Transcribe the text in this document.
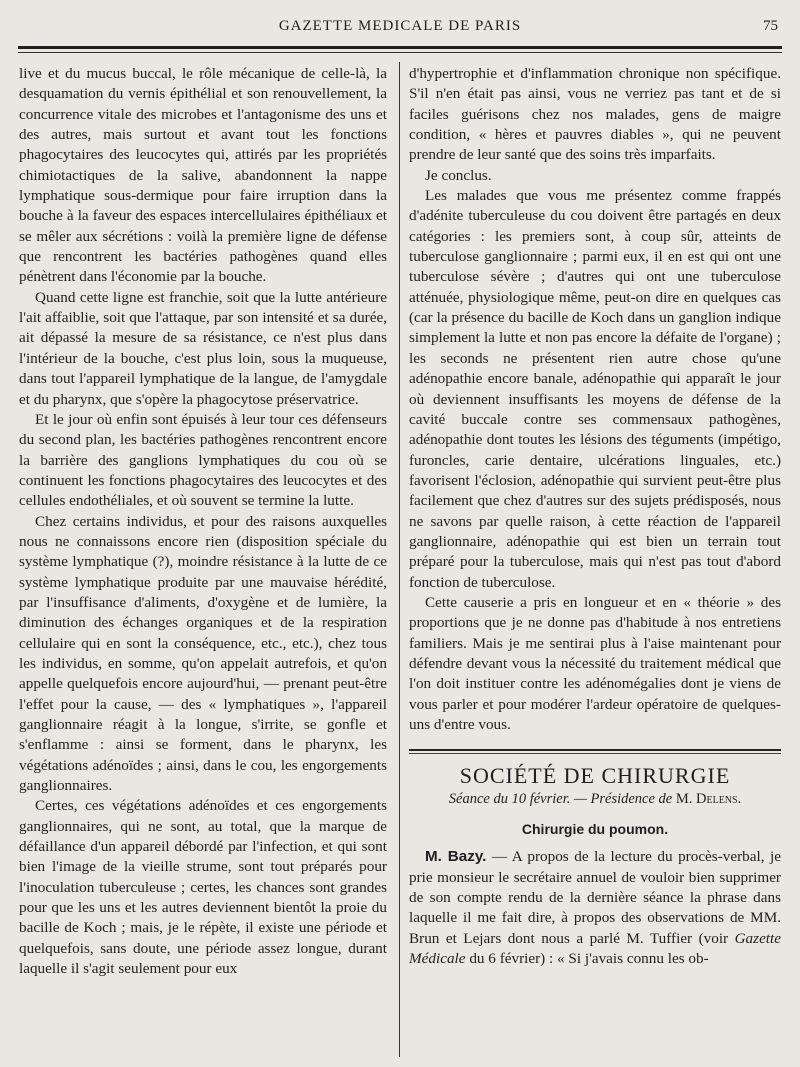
GAZETTE MEDICALE DE PARIS	75

live et du mucus buccal, le rôle mécanique de celle-là, la desquamation du vernis épithélial et son renouvellement, la concurrence vitale des microbes et l'antagonisme des uns et des autres, mais surtout et avant tout les fonctions phagocytaires des leucocytes qui, attirés par les propriétés chimiotactiques de la salive, abandonnent la nappe lymphatique sous-dermique pour faire irruption dans la bouche à la faveur des espaces intercellulaires épithéliaux et se mêler aux sécrétions : voilà la première ligne de défense que rencontrent les bactéries pathogènes quand elles pénètrent dans l'économie par la bouche.

Quand cette ligne est franchie, soit que la lutte antérieure l'ait affaiblie, soit que l'attaque, par son intensité et sa durée, ait dépassé la mesure de sa résistance, ce n'est plus dans l'intérieur de la bouche, c'est plus loin, sous la muqueuse, dans tout l'appareil lymphatique de la langue, de l'amygdale et du pharynx, que s'opère la phagocytose préservatrice.

Et le jour où enfin sont épuisés à leur tour ces défenseurs du second plan, les bactéries pathogènes rencontrent encore la barrière des ganglions lymphatiques du cou où se continuent les fonctions phagocytaires des leucocytes et des cellules endothéliales, et où souvent se termine la lutte.

Chez certains individus, et pour des raisons auxquelles nous ne connaissons encore rien (disposition spéciale du système lymphatique (?), moindre résistance à la lutte de ce système lymphatique produite par une mauvaise hérédité, par l'insuffisance d'aliments, d'oxygène et de lumière, la diminution des échanges organiques et de la respiration cellulaire qui en sont la conséquence, etc., etc.), chez tous les individus, en somme, qu'on appelait autrefois, et qu'on appelle quelquefois encore aujourd'hui, — prenant peut-être l'effet pour la cause, — des « lymphatiques », l'appareil ganglionnaire réagit à la longue, s'irrite, se gonfle et s'enflamme : ainsi se forment, dans le pharynx, les végétations adénoïdes ; ainsi, dans le cou, les engorgements ganglionnaires.

Certes, ces végétations adénoïdes et ces engorgements ganglionnaires, qui ne sont, au total, que la marque de défaillance d'un appareil débordé par l'infection, et qui sont bien l'image de la vieille strume, sont tout préparés pour l'inoculation tuberculeuse ; certes, les chances sont grandes pour que les uns et les autres deviennent bientôt la proie du bacille de Koch ; mais, je le répète, il existe une période et quelquefois, sans doute, une période assez longue, durant laquelle il s'agit seulement pour eux

d'hypertrophie et d'inflammation chronique non spécifique. S'il n'en était pas ainsi, vous ne verriez pas tant et de si faciles guérisons chez nos malades, gens de maigre condition, « hères et pauvres diables », qui ne peuvent prendre de leur santé que des soins très imparfaits.

Je conclus.

Les malades que vous me présentez comme frappés d'adénite tuberculeuse du cou doivent être partagés en deux catégories : les premiers sont, à coup sûr, atteints de tuberculose ganglionnaire ; parmi eux, il en est qui ont une tuberculose sévère ; d'autres qui ont une tuberculose atténuée, physiologique même, peut-on dire en quelques cas (car la présence du bacille de Koch dans un ganglion indique simplement la lutte et non pas encore la défaite de l'organe) ; les seconds ne présentent rien autre chose qu'une adénopathie encore banale, adénopathie qui apparaît le jour où deviennent insuffisants les moyens de défense de la cavité buccale contre ses commensaux pathogènes, adénopathie dont toutes les lésions des téguments (impétigo, furoncles, carie dentaire, ulcérations linguales, etc.) favorisent l'éclosion, adénopathie qui survient peut-être plus facilement que chez d'autres sur des sujets prédisposés, nous ne savons par quelle raison, à cette réaction de l'appareil ganglionnaire, adénopathie qui est bien un terrain tout préparé pour la tuberculose, mais qui n'est pas tout d'abord fonction de tuberculose.

Cette causerie a pris en longueur et en « théorie » des proportions que je ne donne pas d'habitude à nos entretiens familiers. Mais je me sentirai plus à l'aise maintenant pour défendre devant vous la nécessité du traitement médical que l'on doit instituer contre les adénomégalies dont je viens de vous parler et pour modérer l'ardeur opératoire de quelques-uns d'entre vous.

SOCIÉTÉ DE CHIRURGIE
Séance du 10 février. — Présidence de M. Delens.
Chirurgie du poumon.

M. Bazy. — A propos de la lecture du procès-verbal, je prie monsieur le secrétaire annuel de vouloir bien supprimer de son compte rendu de la dernière séance la phrase dans laquelle il me fait dire, à propos des observations de MM. Brun et Lejars dont nous a parlé M. Tuffier (voir Gazette Médicale du 6 février) : « Si j'avais connu les ob-
